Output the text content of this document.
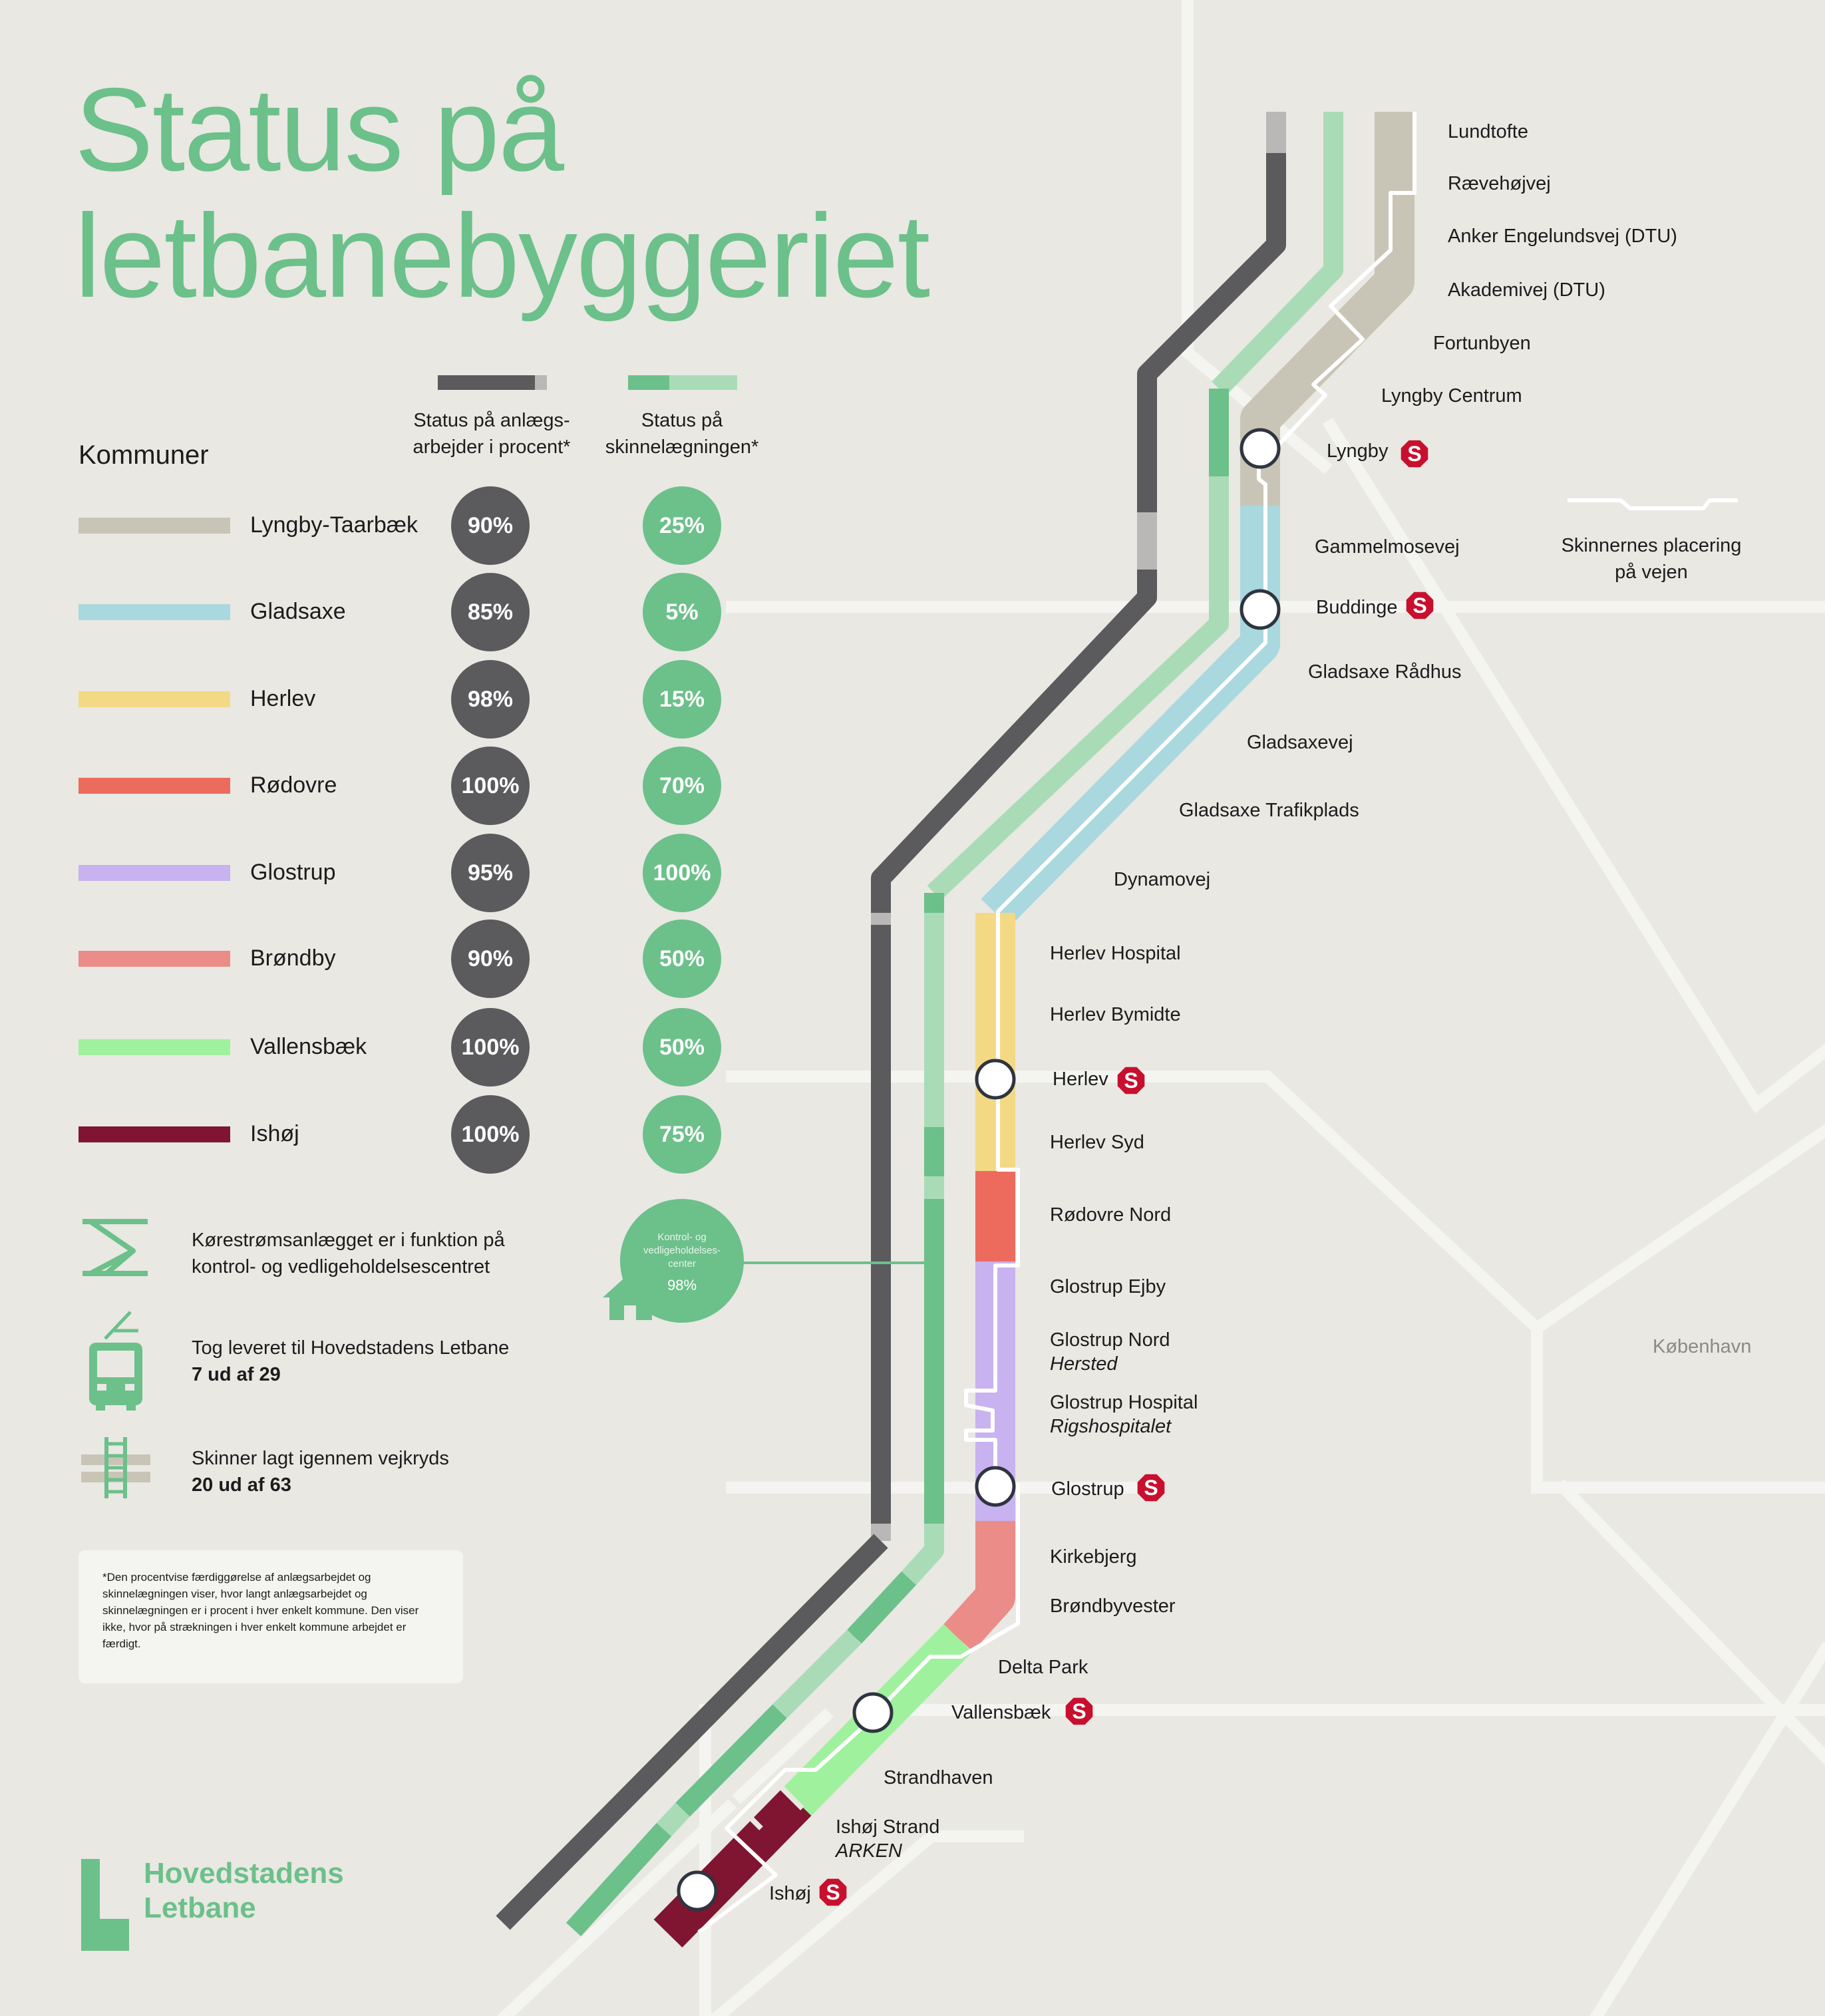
S
S
S
S
S
S
Status på
letbanebyggeriet
Status på anlægs-
arbejder i procent*
Status på
skinnelægningen*
Kommuner
Lyngby-Taarbæk	90%	25%
Gladsaxe	85%	5%
Herlev	98%	15%
Rødovre	100%	70%
Glostrup	95%	100%
Brøndby	90%	50%
Vallensbæk	100%	50%
Ishøj	100%	75%
Kørestrømsanlægget er i funktion på
kontrol- og vedligeholdelsescentret
Tog leveret til Hovedstadens Letbane
7 ud af 29
Skinner lagt igennem vejkryds
20 ud af 63
Kontrol- og vedligeholdelses-center
98%

*Den procentvise færdiggørelse af anlægsarbejdet og skinnelægningen viser, hvor langt anlægsarbejdet og skinnelægningen er i procent i hver enkelt kommune. Den viser ikke, hvor på strækningen i hver enkelt kommune arbejdet er færdigt.

Skinnernes placering
på vejen
København
Hovedstadens
Letbane
Lundtofte
Rævehøjvej
Anker Engelundsvej (DTU)
Akademivej (DTU)
Fortunbyen
Lyngby Centrum
Lyngby
Gammelmosevej
Buddinge
Gladsaxe Rådhus
Gladsaxevej
Gladsaxe Trafikplads
Dynamovej
Herlev Hospital
Herlev Bymidte
Herlev
Herlev Syd
Rødovre Nord
Glostrup Ejby
Glostrup Nord
Hersted
Glostrup Hospital
Rigshospitalet
Glostrup
Kirkebjerg
Brøndbyvester
Delta Park
Vallensbæk
Strandhaven
Ishøj Strand
ARKEN
Ishøj
